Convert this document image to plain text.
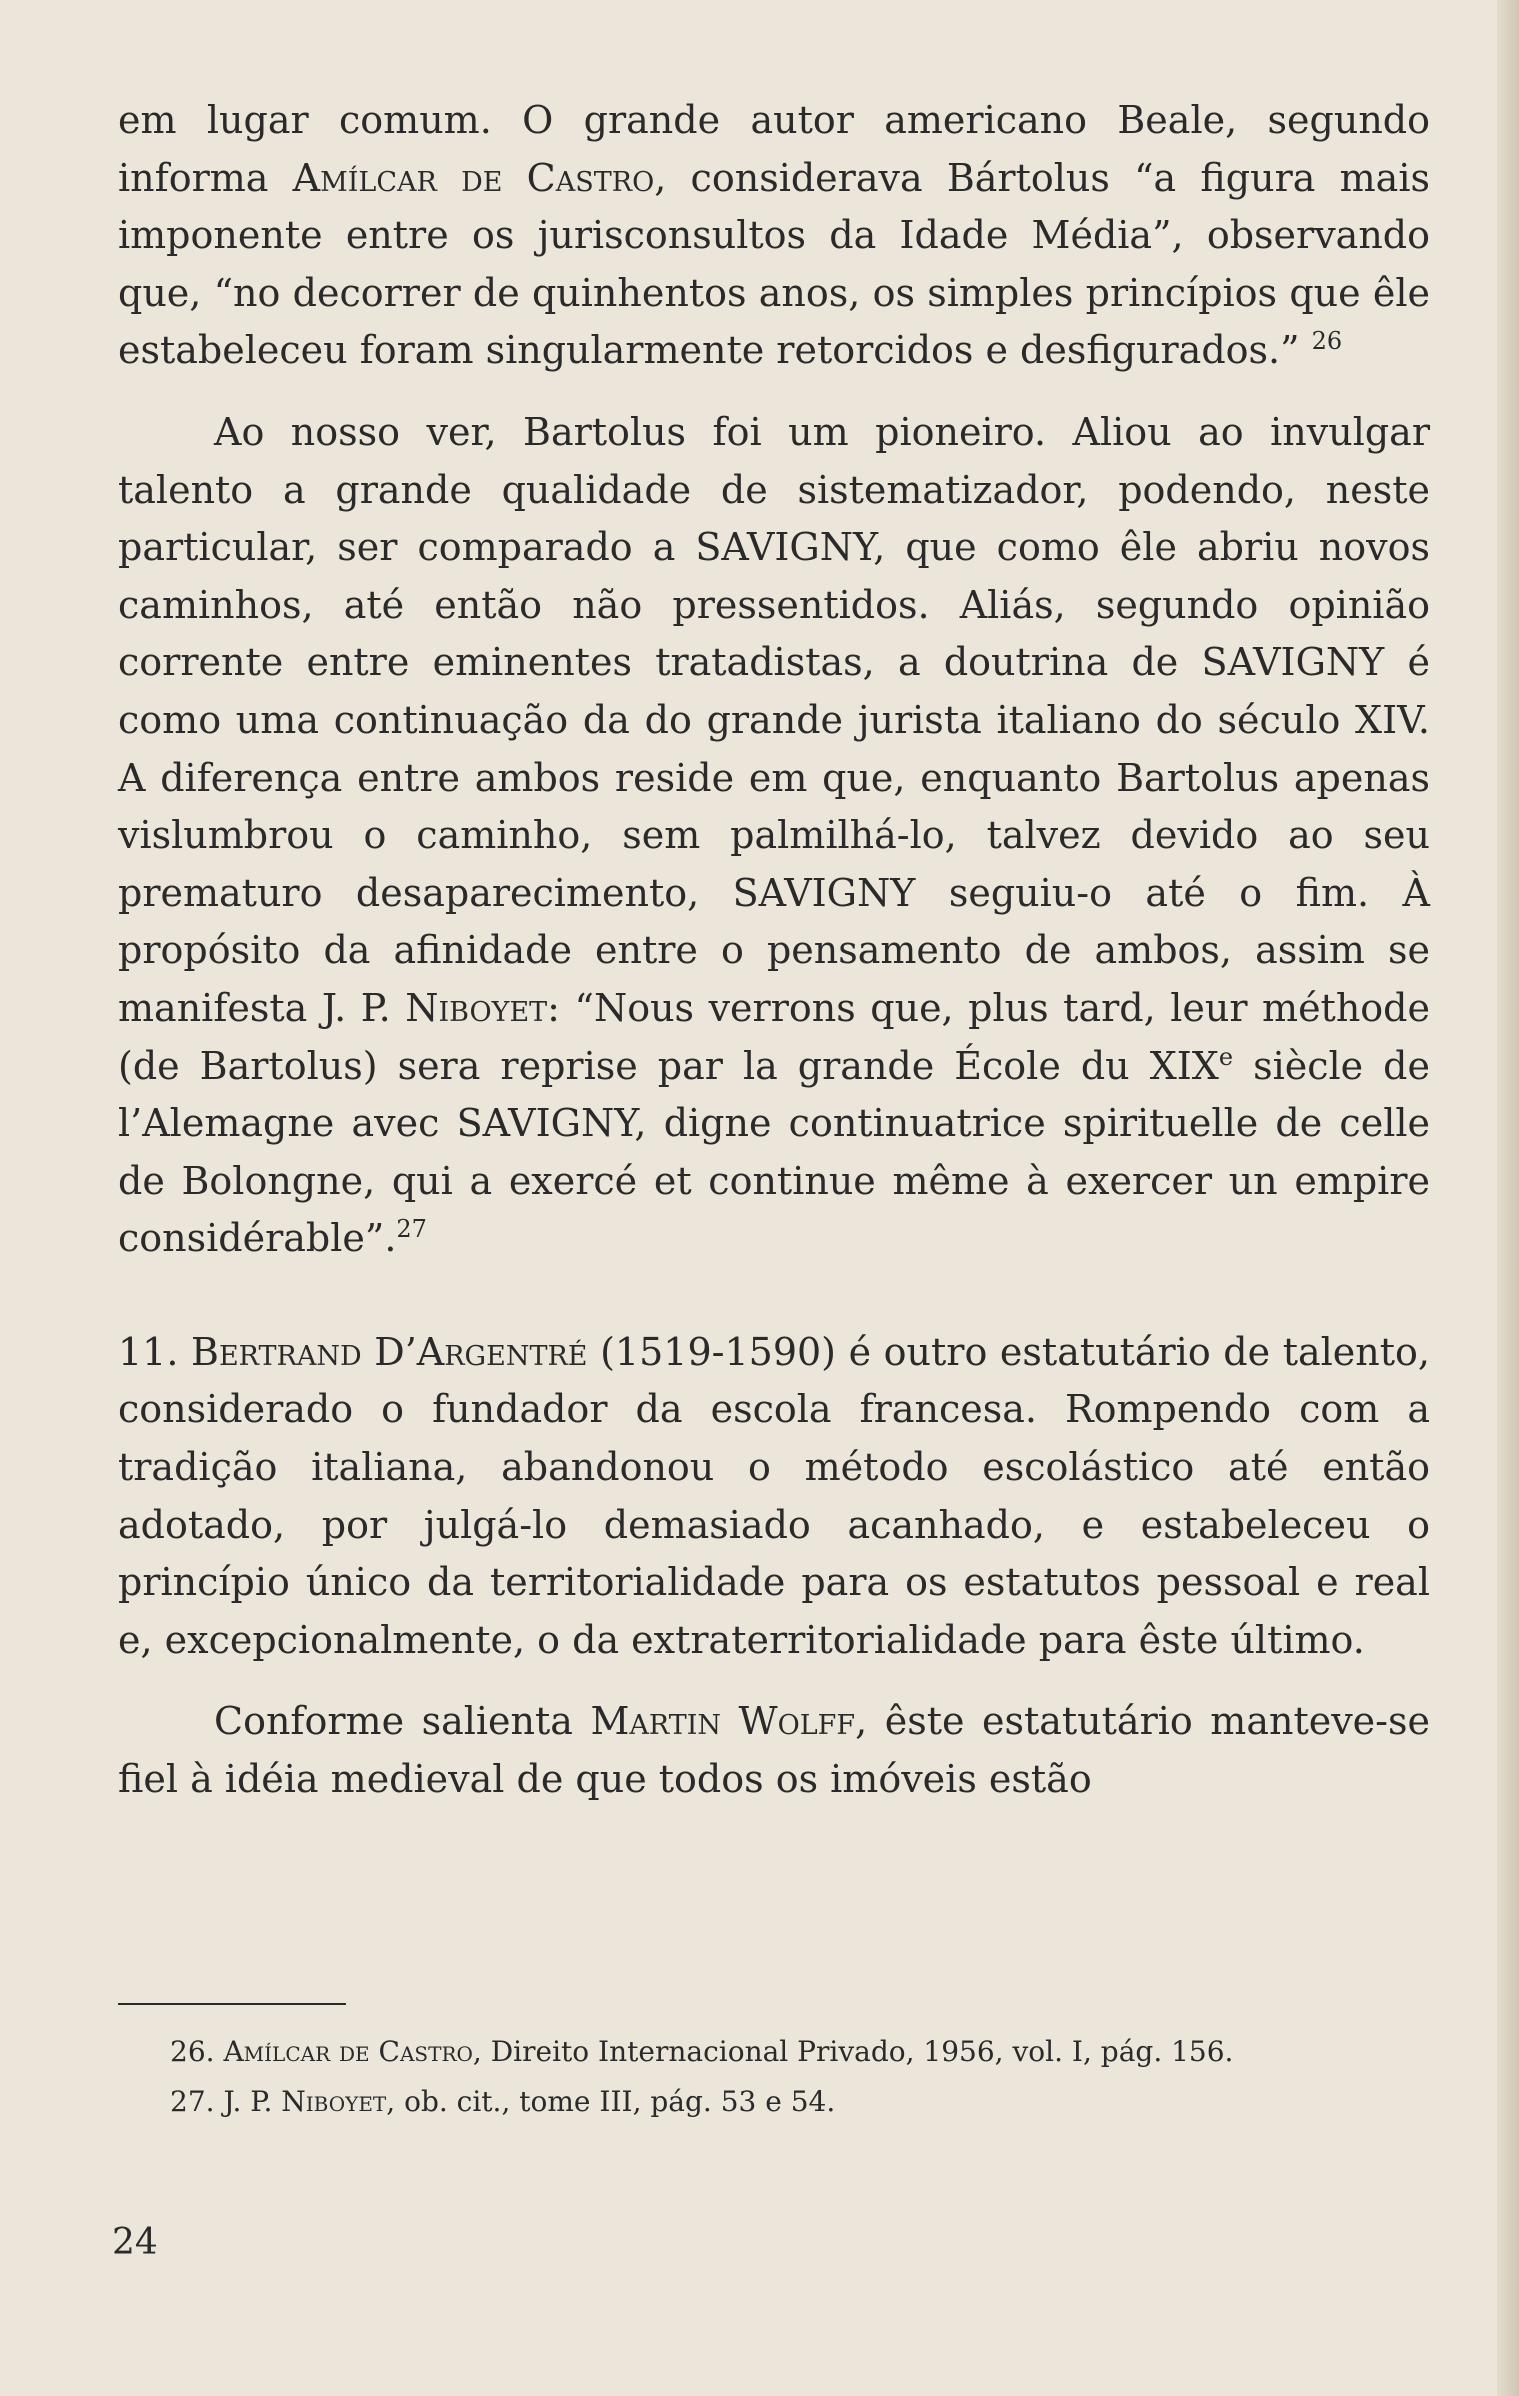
em lugar comum. O grande autor americano Beale, segundo informa Amílcar de Castro, considerava Bártolus “a figura mais imponente entre os jurisconsultos da Idade Média”, observando que, “no decorrer de quinhentos anos, os simples princípios que êle estabeleceu foram singularmente retorcidos e desfigurados.” $^{26}$

Ao nosso ver, Bartolus foi um pioneiro. Aliou ao invulgar talento a grande qualidade de sistematizador, podendo, neste particular, ser comparado a SAVIGNY, que como êle abriu novos caminhos, até então não pressentidos. Aliás, segundo opinião corrente entre eminentes tratadistas, a doutrina de SAVIGNY é como uma continuação da do grande jurista italiano do século XIV. A diferença entre ambos reside em que, enquanto Bartolus apenas vislumbrou o caminho, sem palmilhá-lo, talvez devido ao seu prematuro desaparecimento, SAVIGNY seguiu-o até o fim. À propósito da afinidade entre o pensamento de ambos, assim se manifesta J. P. Niboyet: “Nous verrons que, plus tard, leur méthode (de Bartolus) sera reprise par la grande École du XIXe siècle de l’Alemagne avec SAVIGNY, digne continuatrice spirituelle de celle de Bolongne, qui a exercé et continue même à exercer un empire considérable”.$^{27}$

11. Bertrand D’Argentré (1519-1590) é outro estatutário de talento, considerado o fundador da escola francesa. Rompendo com a tradição italiana, abandonou o método escolástico até então adotado, por julgá-lo demasiado acanhado, e estabeleceu o princípio único da territorialidade para os estatutos pessoal e real e, excepcionalmente, o da extraterritorialidade para êste último.

Conforme salienta Martin Wolff, êste estatutário manteve-se fiel à idéia medieval de que todos os imóveis estão

26. Amílcar de Castro, Direito Internacional Privado, 1956, vol. I, pág. 156.

27. J. P. Niboyet, ob. cit., tome III, pág. 53 e 54.

24
